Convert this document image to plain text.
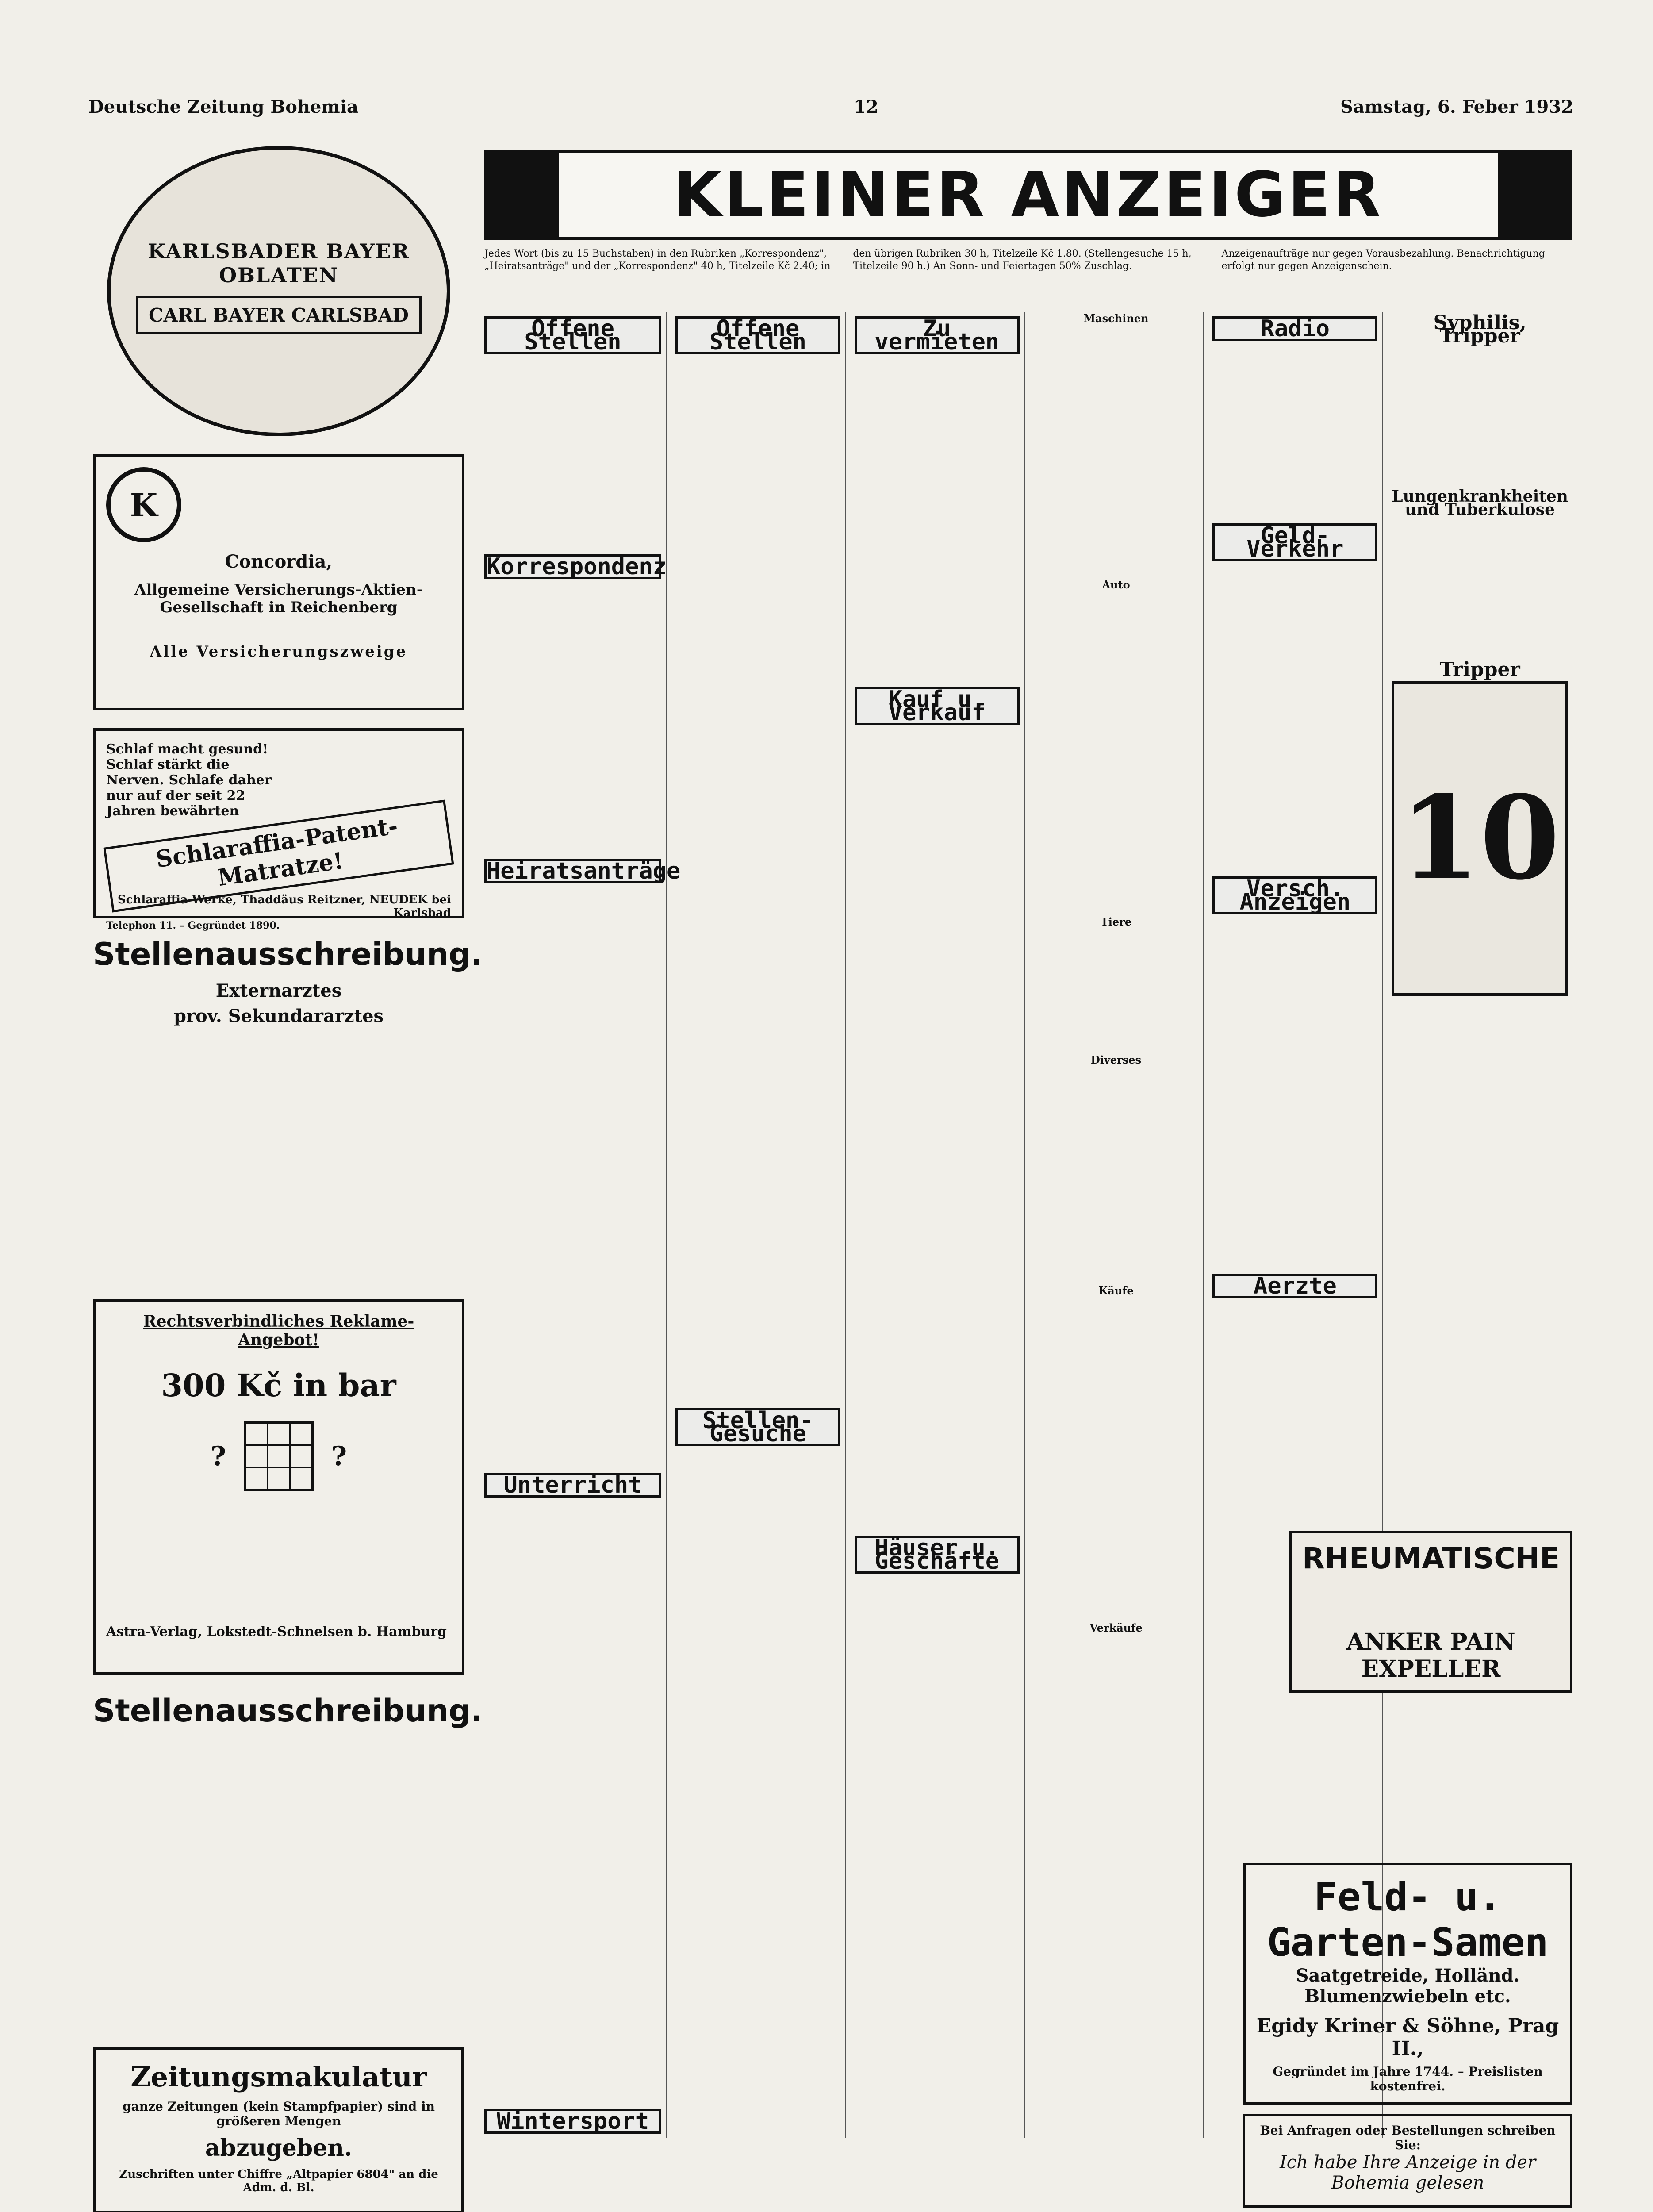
Deutsche Zeitung Bohemia	12	Samstag, 6. Feber 1932
KARLSBADER BAYER OBLATEN
CARL BAYER CARLSBAD
K
Concordia,
Allgemeine Versicherungs-Aktien-Gesellschaft in Reichenberg
Alle Versicherungszweige
Schlaf macht gesund! Schlaf stärkt die Nerven. Schlafe daher nur auf der seit 22 Jahren bewährten
Schlaraffia-Patent-Matratze!
Schlaraffia-Werke, Thaddäus Reitzner, NEUDEK bei Karlsbad
Telephon 11. – Gegründet 1890.
Stellenausschreibung.
Externarztes
prov. Sekundararztes
Rechtsverbindliches Reklame-Angebot!
300 Kč in bar
?	?
Astra-Verlag, Lokstedt-Schnelsen b. Hamburg
Stellenausschreibung.
Zeitungsmakulatur
ganze Zeitungen (kein Stampfpapier) sind in größeren Mengen
abzugeben.
Zuschriften unter Chiffre „Altpapier 6804" an die Adm. d. Bl.
KLEINER ANZEIGER
Jedes Wort (bis zu 15 Buchstaben) in den Rubriken „Korrespondenz", „Heiratsanträge" und der „Korrespondenz" 40 h, Titelzeile Kč 2.40; in den übrigen Rubriken 30 h, Titelzeile Kč 1.80. (Stellengesuche 15 h, Titelzeile 90 h.) An Sonn- und Feiertagen 50% Zuschlag. Anzeigenaufträge nur gegen Vorausbezahlung. Benachrichtigung erfolgt nur gegen Anzeigenschein.
Offene Stellen
Korrespondenz
Heiratsanträge
Unterricht
Wintersport
Offene Stellen
Stellen-Gesuche
Zu vermieten
Kauf u. Verkauf
Häuser u. Geschäfte
Maschinen
Auto
Tiere
Diverses
Käufe
Verkäufe
Radio
Geld-Verkehr
Versch. Anzeigen
Aerzte
Syphilis, Tripper
Lungenkrankheiten und Tuberkulose
Tripper
10
RHEUMATISCHE
ANKER PAIN EXPELLER
Feld- u. Garten-Samen
Saatgetreide, Holländ. Blumenzwiebeln etc.
Egidy Kriner & Söhne, Prag II.,
Gegründet im Jahre 1744. – Preislisten kostenfrei.
Bei Anfragen oder Bestellungen schreiben Sie:
Ich habe Ihre Anzeige in der Bohemia gelesen
